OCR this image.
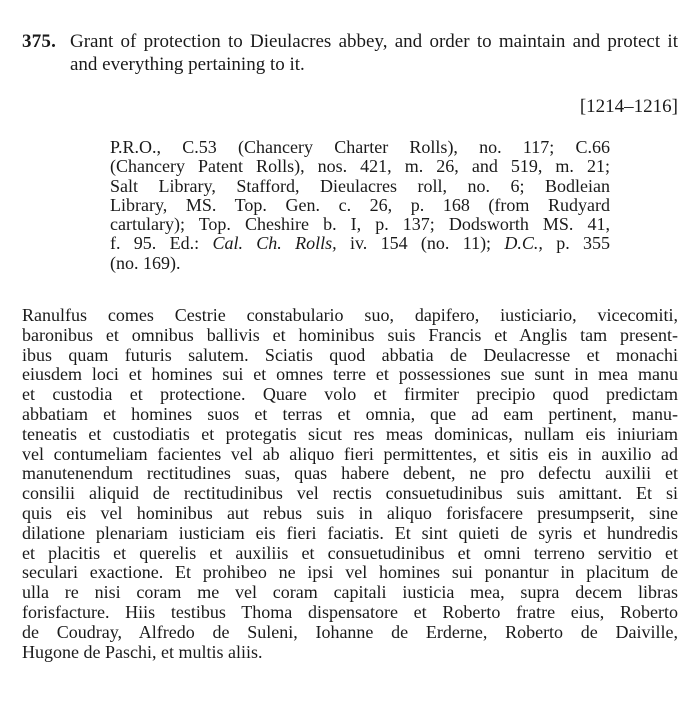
375. Grant of protection to Dieulacres abbey, and order to maintain and protect it and everything pertaining to it.
[1214–1216]
P.R.O., C.53 (Chancery Charter Rolls), no. 117; C.66
(Chancery Patent Rolls), nos. 421, m. 26, and 519, m. 21;
Salt Library, Stafford, Dieulacres roll, no. 6; Bodleian
Library, MS. Top. Gen. c. 26, p. 168 (from Rudyard
cartulary); Top. Cheshire b. I, p. 137; Dodsworth MS. 41,
f. 95. Ed.: Cal. Ch. Rolls, iv. 154 (no. 11); D.C., p. 355
(no. 169).
Ranulfus comes Cestrie constabulario suo, dapifero, iusticiario, vicecomiti,
baronibus et omnibus ballivis et hominibus suis Francis et Anglis tam present-
ibus quam futuris salutem. Sciatis quod abbatia de Deulacresse et monachi
eiusdem loci et homines sui et omnes terre et possessiones sue sunt in mea manu
et custodia et protectione. Quare volo et firmiter precipio quod predictam
abbatiam et homines suos et terras et omnia, que ad eam pertinent, manu-
teneatis et custodiatis et protegatis sicut res meas dominicas, nullam eis iniuriam
vel contumeliam facientes vel ab aliquo fieri permittentes, et sitis eis in auxilio ad
manutenendum rectitudines suas, quas habere debent, ne pro defectu auxilii et
consilii aliquid de rectitudinibus vel rectis consuetudinibus suis amittant. Et si
quis eis vel hominibus aut rebus suis in aliquo forisfacere presumpserit, sine
dilatione plenariam iusticiam eis fieri faciatis. Et sint quieti de syris et hundredis
et placitis et querelis et auxiliis et consuetudinibus et omni terreno servitio et
seculari exactione. Et prohibeo ne ipsi vel homines sui ponantur in placitum de
ulla re nisi coram me vel coram capitali iusticia mea, supra decem libras
forisfacture. Hiis testibus Thoma dispensatore et Roberto fratre eius, Roberto
de Coudray, Alfredo de Suleni, Iohanne de Erderne, Roberto de Daiville,
Hugone de Paschi, et multis aliis.
